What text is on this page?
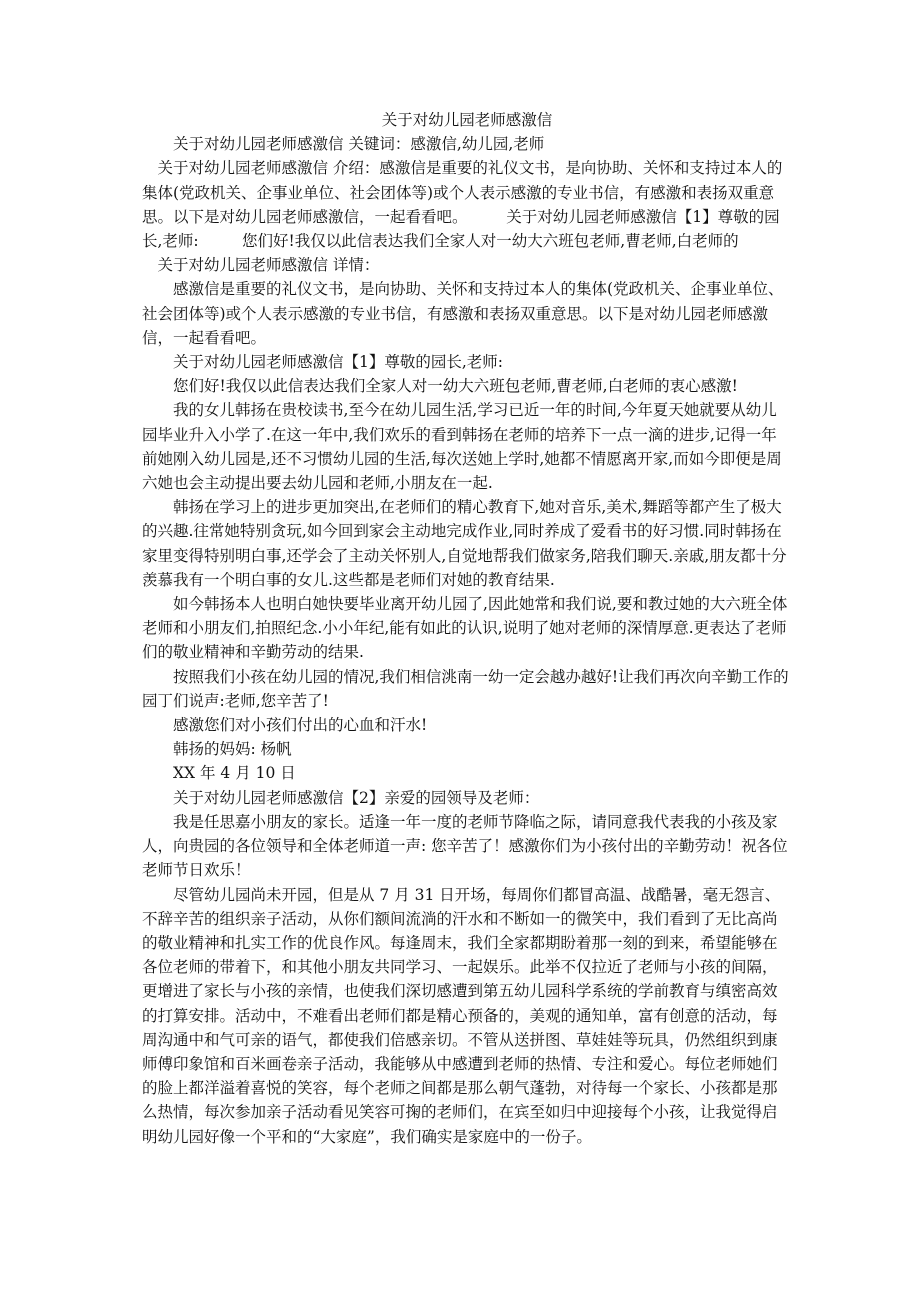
关于对幼儿园老师感激信

关于对幼儿园老师感激信 关键词：感激信,幼儿园,老师

关于对幼儿园老师感激信 介绍：感激信是重要的礼仪文书，是向协助、关怀和支持过本人的集体(党政机关、企事业单位、社会团体等)或个人表示感激的专业书信，有感激和表扬双重意思。以下是对幼儿园老师感激信，一起看看吧。	关于对幼儿园老师感激信【1】尊敬的园长,老师:	您们好!我仅以此信表达我们全家人对一幼大六班包老师,曹老师,白老师的

关于对幼儿园老师感激信 详情：

感激信是重要的礼仪文书，是向协助、关怀和支持过本人的集体(党政机关、企事业单位、社会团体等)或个人表示感激的专业书信，有感激和表扬双重意思。以下是对幼儿园老师感激信，一起看看吧。

关于对幼儿园老师感激信【1】尊敬的园长,老师:

您们好!我仅以此信表达我们全家人对一幼大六班包老师,曹老师,白老师的衷心感激!

我的女儿韩扬在贵校读书,至今在幼儿园生活,学习已近一年的时间,今年夏天她就要从幼儿园毕业升入小学了.在这一年中,我们欢乐的看到韩扬在老师的培养下一点一滴的进步,记得一年前她刚入幼儿园是,还不习惯幼儿园的生活,每次送她上学时,她都不情愿离开家,而如今即便是周六她也会主动提出要去幼儿园和老师,小朋友在一起.

韩扬在学习上的进步更加突出,在老师们的精心教育下,她对音乐,美术,舞蹈等都产生了极大的兴趣.往常她特别贪玩,如今回到家会主动地完成作业,同时养成了爱看书的好习惯.同时韩扬在家里变得特别明白事,还学会了主动关怀别人,自觉地帮我们做家务,陪我们聊天.亲戚,朋友都十分羡慕我有一个明白事的女儿.这些都是老师们对她的教育结果.

如今韩扬本人也明白她快要毕业离开幼儿园了,因此她常和我们说,要和教过她的大六班全体老师和小朋友们,拍照纪念.小小年纪,能有如此的认识,说明了她对老师的深情厚意.更表达了老师们的敬业精神和辛勤劳动的结果.

按照我们小孩在幼儿园的情况,我们相信洮南一幼一定会越办越好!让我们再次向辛勤工作的园丁们说声:老师,您辛苦了!

感激您们对小孩们付出的心血和汗水!

韩扬的妈妈: 杨帆

XX 年 4 月 10 日

关于对幼儿园老师感激信【2】亲爱的园领导及老师：

我是任思嘉小朋友的家长。适逢一年一度的老师节降临之际，请同意我代表我的小孩及家人，向贵园的各位领导和全体老师道一声: 您辛苦了！感激你们为小孩付出的辛勤劳动！祝各位老师节日欢乐！

尽管幼儿园尚未开园，但是从 7 月 31 日开场，每周你们都冒高温、战酷暑，毫无怨言、不辞辛苦的组织亲子活动，从你们额间流淌的汗水和不断如一的微笑中，我们看到了无比高尚的敬业精神和扎实工作的优良作风。每逢周末，我们全家都期盼着那一刻的到来，希望能够在各位老师的带着下，和其他小朋友共同学习、一起娱乐。此举不仅拉近了老师与小孩的间隔，更增进了家长与小孩的亲情，也使我们深切感遭到第五幼儿园科学系统的学前教育与缜密高效的打算安排。活动中，不难看出老师们都是精心预备的，美观的通知单，富有创意的活动，每周沟通中和气可亲的语气，都使我们倍感亲切。不管从送拼图、草娃娃等玩具，仍然组织到康师傅印象馆和百米画卷亲子活动，我能够从中感遭到老师的热情、专注和爱心。每位老师她们的脸上都洋溢着喜悦的笑容，每个老师之间都是那么朝气蓬勃，对待每一个家长、小孩都是那么热情，每次参加亲子活动看见笑容可掬的老师们，在宾至如归中迎接每个小孩，让我觉得启明幼儿园好像一个平和的“大家庭”，我们确实是家庭中的一份子。
